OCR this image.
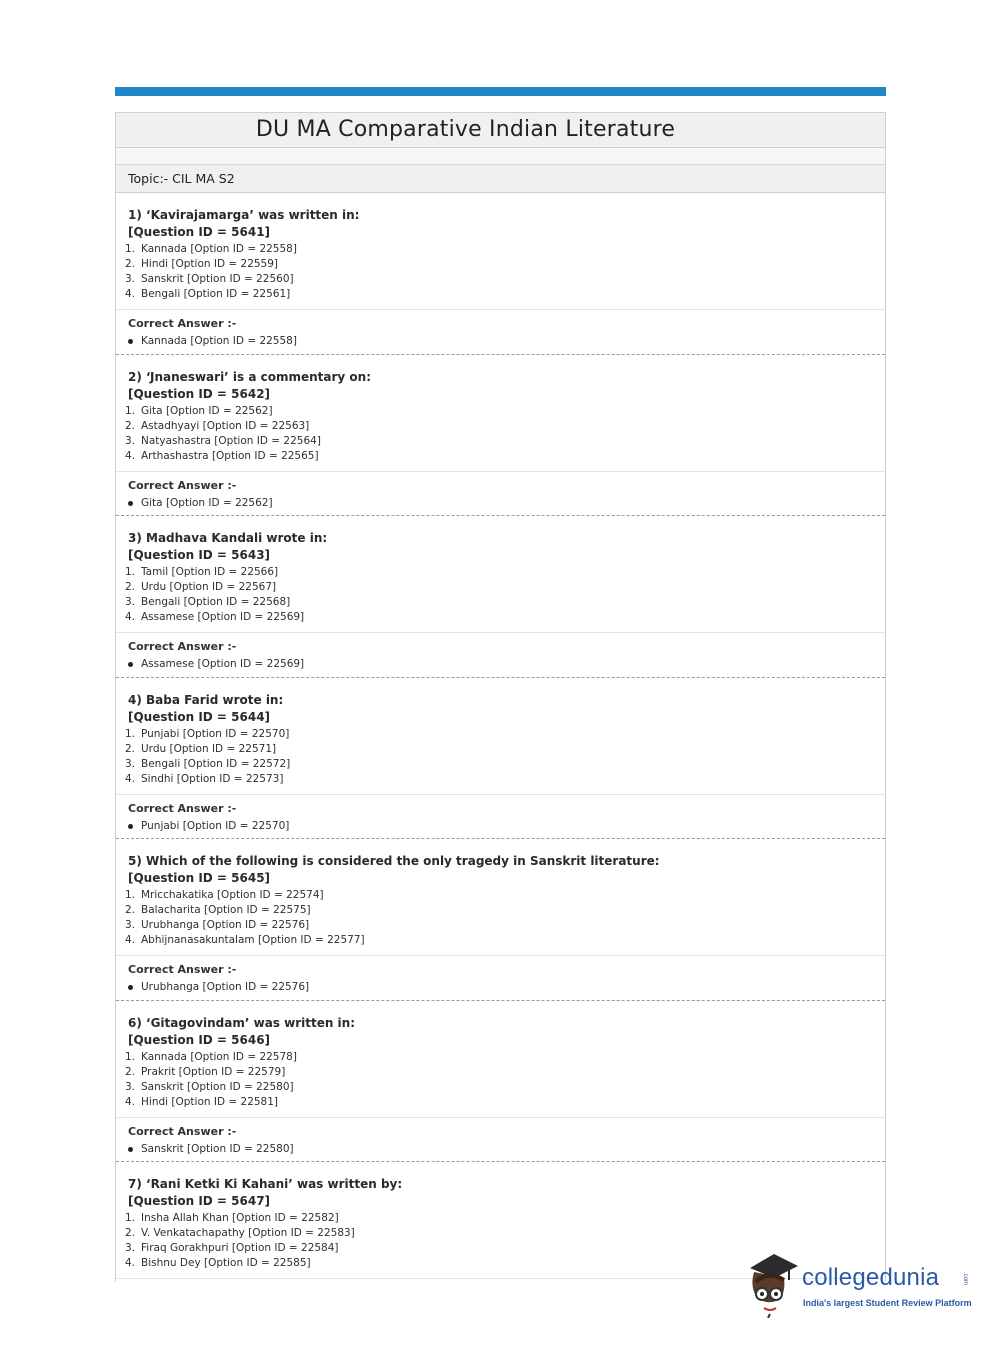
DU MA Comparative Indian Literature
Topic:- CIL MA S2
1) ‘Kavirajamarga’ was written in:
[Question ID = 5641]
1. Kannada [Option ID = 22558]
2. Hindi [Option ID = 22559]
3. Sanskrit [Option ID = 22560]
4. Bengali [Option ID = 22561]
Correct Answer :-
Kannada [Option ID = 22558]
2) ‘Jnaneswari’ is a commentary on:
[Question ID = 5642]
1. Gita [Option ID = 22562]
2. Astadhyayi [Option ID = 22563]
3. Natyashastra [Option ID = 22564]
4. Arthashastra [Option ID = 22565]
Correct Answer :-
Gita [Option ID = 22562]
3) Madhava Kandali wrote in:
[Question ID = 5643]
1. Tamil [Option ID = 22566]
2. Urdu [Option ID = 22567]
3. Bengali [Option ID = 22568]
4. Assamese [Option ID = 22569]
Correct Answer :-
Assamese [Option ID = 22569]
4) Baba Farid wrote in:
[Question ID = 5644]
1. Punjabi [Option ID = 22570]
2. Urdu [Option ID = 22571]
3. Bengali [Option ID = 22572]
4. Sindhi [Option ID = 22573]
Correct Answer :-
Punjabi [Option ID = 22570]
5) Which of the following is considered the only tragedy in Sanskrit literature:
[Question ID = 5645]
1. Mricchakatika [Option ID = 22574]
2. Balacharita [Option ID = 22575]
3. Urubhanga [Option ID = 22576]
4. Abhijnanasakuntalam [Option ID = 22577]
Correct Answer :-
Urubhanga [Option ID = 22576]
6) ‘Gitagovindam’ was written in:
[Question ID = 5646]
1. Kannada [Option ID = 22578]
2. Prakrit [Option ID = 22579]
3. Sanskrit [Option ID = 22580]
4. Hindi [Option ID = 22581]
Correct Answer :-
Sanskrit [Option ID = 22580]
7) ‘Rani Ketki Ki Kahani’ was written by:
[Question ID = 5647]
1. Insha Allah Khan [Option ID = 22582]
2. V. Venkatachapathy [Option ID = 22583]
3. Firaq Gorakhpuri [Option ID = 22584]
4. Bishnu Dey [Option ID = 22585]
collegedunia	.com
India's largest Student Review Platform
